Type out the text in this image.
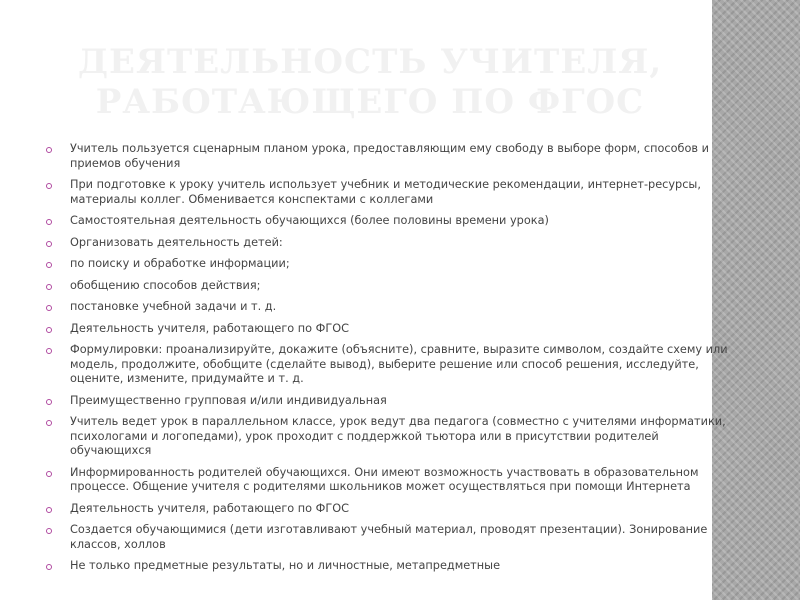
ДЕЯТЕЛЬНОСТЬ УЧИТЕЛЯ, РАБОТАЮЩЕГО ПО ФГОС
Учитель пользуется сценарным планом урока, предоставляющим ему свободу в выборе форм, способов и приемов обучения
При подготовке к уроку учитель использует учебник и методические рекомендации, интернет-ресурсы, материалы коллег. Обменивается конспектами с коллегами
Самостоятельная деятельность обучающихся (более половины времени урока)
Организовать деятельность детей:
по поиску и обработке информации;
обобщению способов действия;
постановке учебной задачи и т. д.
Деятельность учителя, работающего по ФГОС
Формулировки: проанализируйте, докажите (объясните), сравните, выразите символом, создайте схему или модель, продолжите, обобщите (сделайте вывод), выберите решение или способ решения, исследуйте, оцените, измените, придумайте и т. д.
Преимущественно групповая и/или индивидуальная
Учитель ведет урок в параллельном классе, урок ведут два педагога (совместно с учителями информатики, психологами и логопедами), урок проходит с поддержкой тьютора или в присутствии родителей обучающихся
Информированность родителей обучающихся. Они имеют возможность участвовать в образовательном процессе. Общение учителя с родителями школьников может осуществляться при помощи Интернета
Деятельность учителя, работающего по ФГОС
Создается обучающимися (дети изготавливают учебный материал, проводят презентации). Зонирование классов, холлов
Не только предметные результаты, но и личностные, метапредметные
